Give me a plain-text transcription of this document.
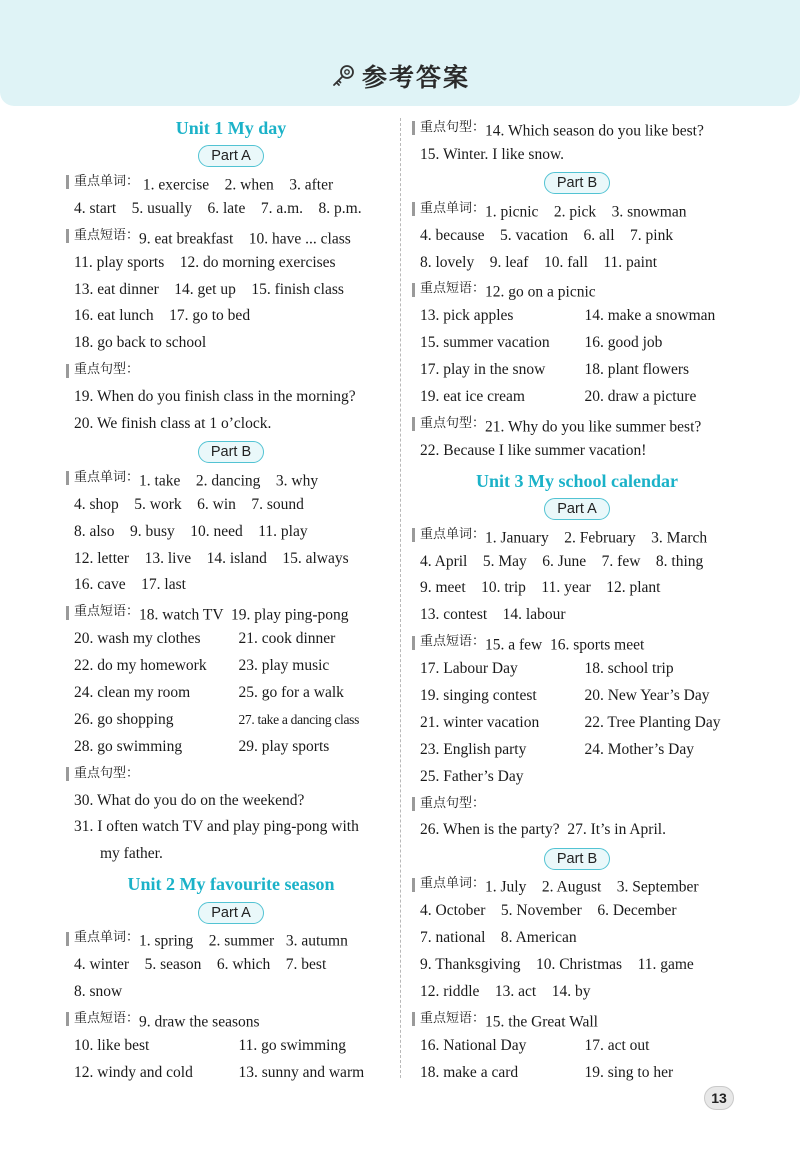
参考答案
Unit 1 My day
Part A
重点单词： 1. exercise 2. when 3. after
4. start    5. usually    6. late    7. a.m.    8. p.m.
重点短语： 9. eat breakfast    10. have ... class
11. play sports    12. do morning exercises
13. eat dinner    14. get up    15. finish class
16. eat lunch    17. go to bed
18. go back to school
重点句型：
19. When do you finish class in the morning?
20. We finish class at 1 o’clock.
Part B
重点单词： 1. take    2. dancing    3. why
4. shop    5. work    6. win    7. sound
8. also    9. busy    10. need    11. play
12. letter    13. live    14. island    15. always
16. cave    17. last
重点短语： 18. watch TV 19. play ping-pong
20. wash my clothes	21. cook dinner
22. do my homework	23. play music
24. clean my room	25. go for a walk
26. go shopping	27. take a dancing class
28. go swimming	29. play sports
重点句型：
30. What do you do on the weekend?
31. I often watch TV and play ping-pong with
my father.
Unit 2 My favourite season
Part A
重点单词： 1. spring    2. summer   3. autumn
4. winter    5. season    6. which    7. best
8. snow
重点短语： 9. draw the seasons
10. like best	11. go swimming
12. windy and cold	13. sunny and warm
重点句型： 14. Which season do you like best?
15. Winter. I like snow.
Part B
重点单词： 1. picnic    2. pick    3. snowman
4. because    5. vacation    6. all    7. pink
8. lovely    9. leaf    10. fall    11. paint
重点短语： 12. go on a picnic
13. pick apples	14. make a snowman
15. summer vacation	16. good job
17. play in the snow	18. plant flowers
19. eat ice cream	20. draw a picture
重点句型： 21. Why do you like summer best?
22. Because I like summer vacation!
Unit 3 My school calendar
Part A
重点单词： 1. January    2. February    3. March
4. April    5. May    6. June    7. few    8. thing
9. meet    10. trip    11. year    12. plant
13. contest    14. labour
重点短语： 15. a few  16. sports meet
17. Labour Day	18. school trip
19. singing contest	20. New Year’s Day
21. winter vacation	22. Tree Planting Day
23. English party	24. Mother’s Day
25. Father’s Day
重点句型：
26. When is the party?  27. It’s in April.
Part B
重点单词： 1. July    2. August    3. September
4. October    5. November    6. December
7. national    8. American
9. Thanksgiving    10. Christmas    11. game
12. riddle    13. act    14. by
重点短语： 15. the Great Wall
16. National Day	17. act out
18. make a card	19. sing to her
13
